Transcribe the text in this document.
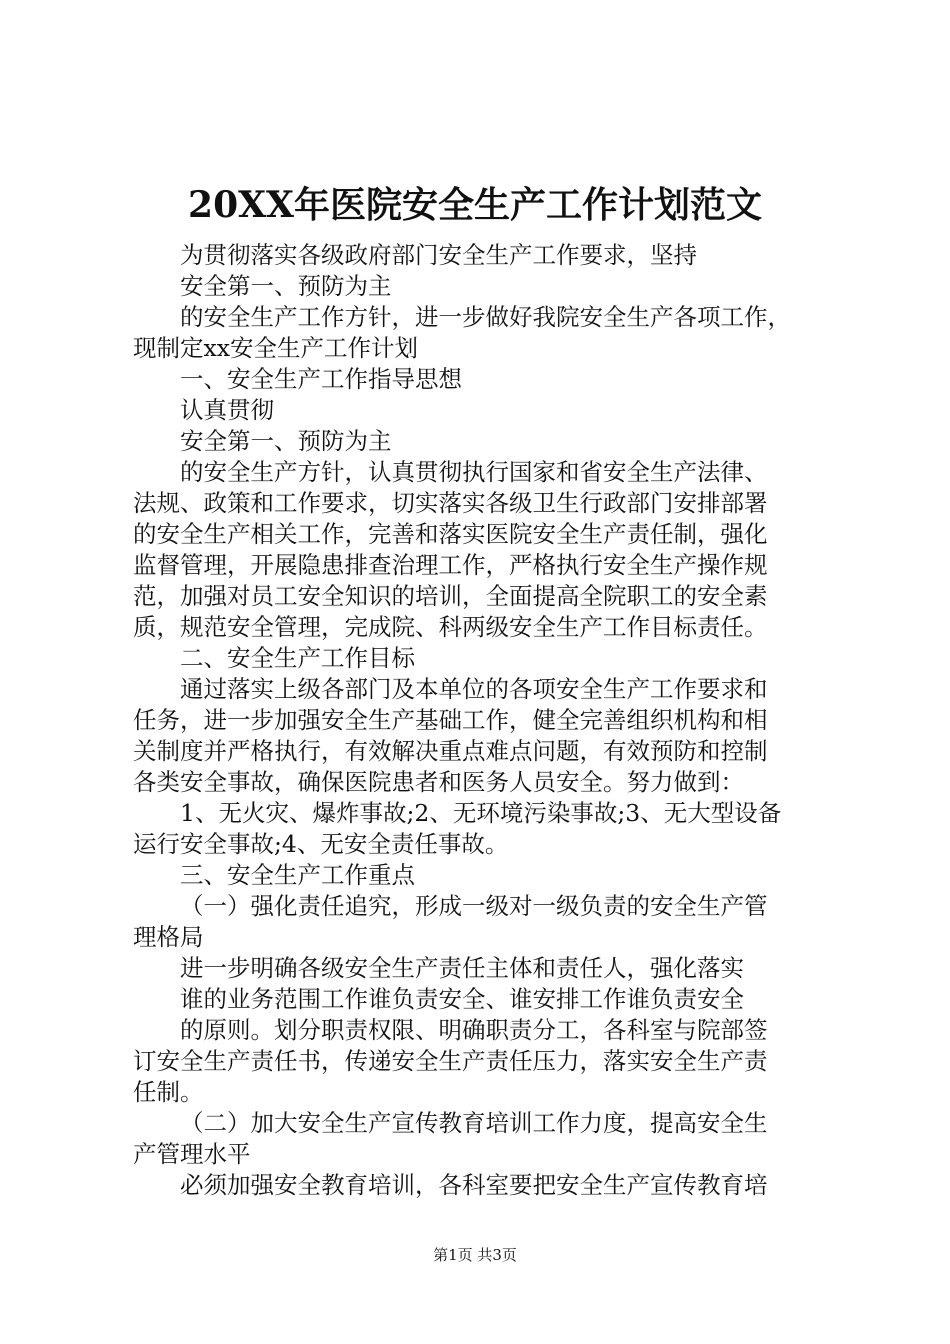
20XX年医院安全生产工作计划范文
为贯彻落实各级政府部门安全生产工作要求，坚持
安全第一、预防为主
的安全生产工作方针，进一步做好我院安全生产各项工作，
现制定xx安全生产工作计划
一、安全生产工作指导思想
认真贯彻
安全第一、预防为主
的安全生产方针，认真贯彻执行国家和省安全生产法律、
法规、政策和工作要求，切实落实各级卫生行政部门安排部署
的安全生产相关工作，完善和落实医院安全生产责任制，强化
监督管理，开展隐患排查治理工作，严格执行安全生产操作规
范，加强对员工安全知识的培训，全面提高全院职工的安全素
质，规范安全管理，完成院、科两级安全生产工作目标责任。
二、安全生产工作目标
通过落实上级各部门及本单位的各项安全生产工作要求和
任务，进一步加强安全生产基础工作，健全完善组织机构和相
关制度并严格执行，有效解决重点难点问题，有效预防和控制
各类安全事故，确保医院患者和医务人员安全。努力做到：
1、无火灾、爆炸事故;2、无环境污染事故;3、无大型设备
运行安全事故;4、无安全责任事故。
三、安全生产工作重点
（一）强化责任追究，形成一级对一级负责的安全生产管
理格局
进一步明确各级安全生产责任主体和责任人，强化落实
谁的业务范围工作谁负责安全、谁安排工作谁负责安全
的原则。划分职责权限、明确职责分工，各科室与院部签
订安全生产责任书，传递安全生产责任压力，落实安全生产责
任制。
（二）加大安全生产宣传教育培训工作力度，提高安全生
产管理水平
必须加强安全教育培训，各科室要把安全生产宣传教育培
第1页 共3页
